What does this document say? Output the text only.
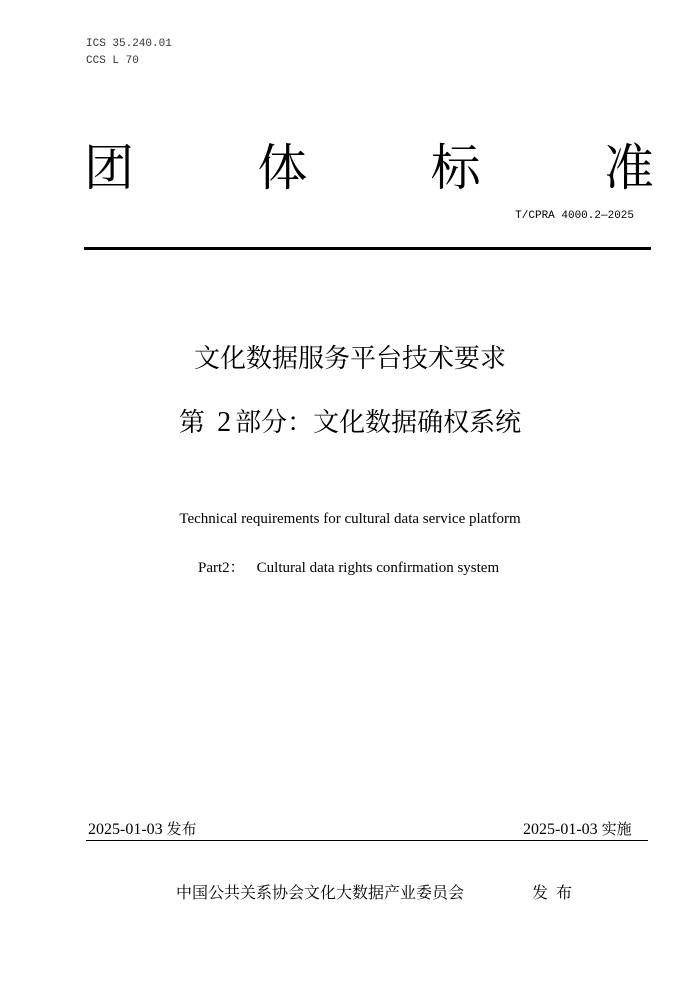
ICS 35.240.01
CCS L 70
团 体 标 准
T/CPRA 4000.2—2025
文化数据服务平台技术要求
第 2 部分：文化数据确权系统
Technical requirements for cultural data service platform
Part2： Cultural data rights confirmation system
2025-01-03 发布	2025-01-03 实施
中国公共关系协会文化大数据产业委员会	发布
